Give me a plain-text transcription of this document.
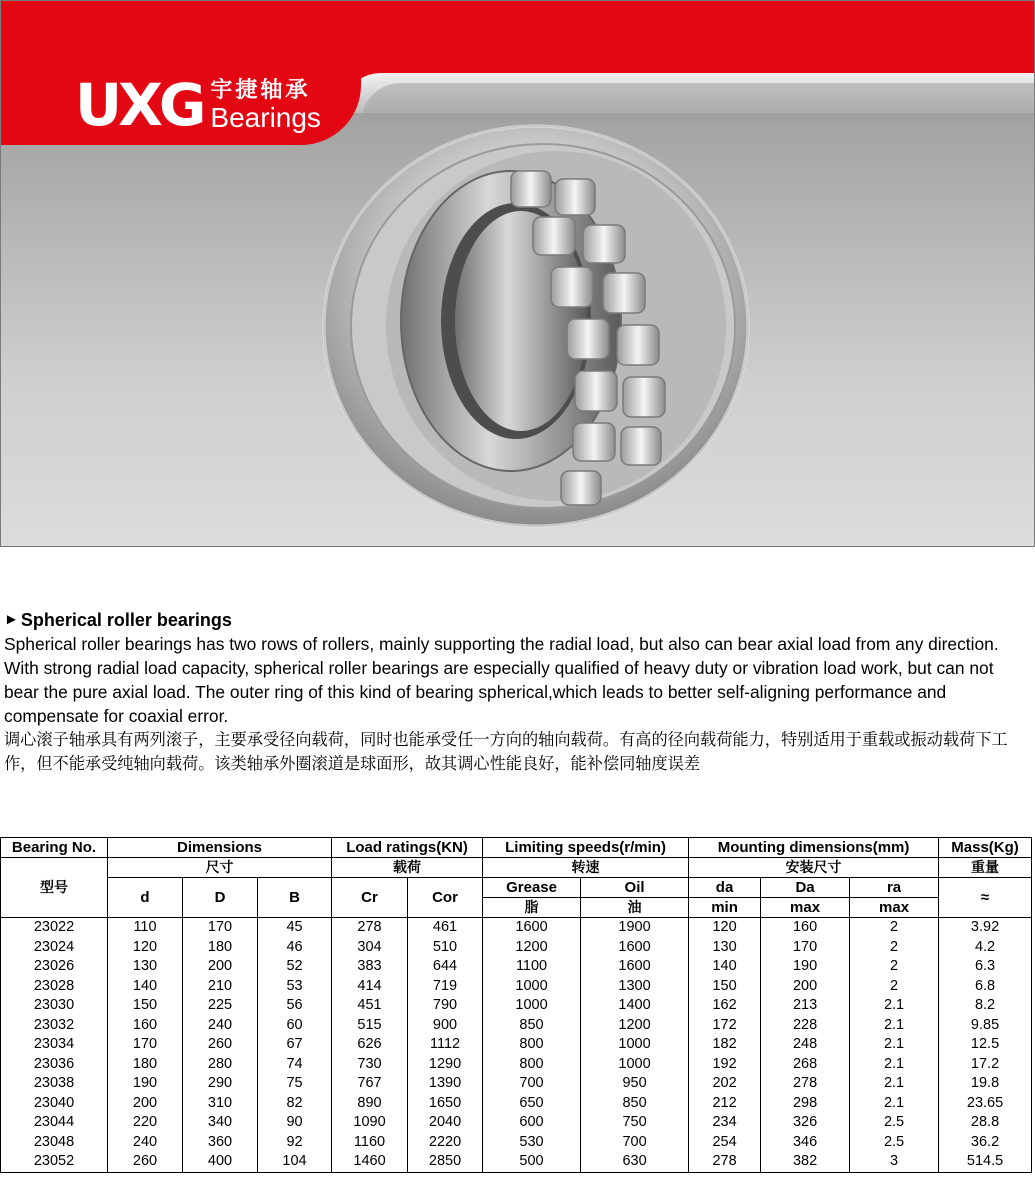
UXG 宇捷轴承
Bearings
► Spherical roller bearings

Spherical roller bearings has two rows of rollers, mainly supporting the radial load, but also can bear axial load from any direction. With strong radial load capacity, spherical roller bearings are especially qualified of heavy duty or vibration load work, but can not bear the pure axial load. The outer ring of this kind of bearing spherical,which leads to better self-aligning performance and compensate for coaxial error.

调心滚子轴承具有两列滚子，主要承受径向载荷，同时也能承受任一方向的轴向载荷。有高的径向载荷能力，特别适用于重载或振动载荷下工作，但不能承受纯轴向载荷。该类轴承外圈滚道是球面形，故其调心性能良好，能补偿同轴度误差

Bearing No.	Dimensions			Load ratings(KN)		Limiting speeds(r/min)		Mounting dimensions(mm)			Mass(Kg)
型号	尺寸			载荷		转速		安装尺寸			重量
	d	D	B	Cr	Cor	Grease	Oil	da	Da	ra	≈
						脂	油	min	max	max	
23022	110	170	45	278	461	1600	1900	120	160	2	3.92
23024	120	180	46	304	510	1200	1600	130	170	2	4.2
23026	130	200	52	383	644	1100	1600	140	190	2	6.3
23028	140	210	53	414	719	1000	1300	150	200	2	6.8
23030	150	225	56	451	790	1000	1400	162	213	2.1	8.2
23032	160	240	60	515	900	850	1200	172	228	2.1	9.85
23034	170	260	67	626	1112	800	1000	182	248	2.1	12.5
23036	180	280	74	730	1290	800	1000	192	268	2.1	17.2
23038	190	290	75	767	1390	700	950	202	278	2.1	19.8
23040	200	310	82	890	1650	650	850	212	298	2.1	23.65
23044	220	340	90	1090	2040	600	750	234	326	2.5	28.8
23048	240	360	92	1160	2220	530	700	254	346	2.5	36.2
23052	260	400	104	1460	2850	500	630	278	382	3	514.5
